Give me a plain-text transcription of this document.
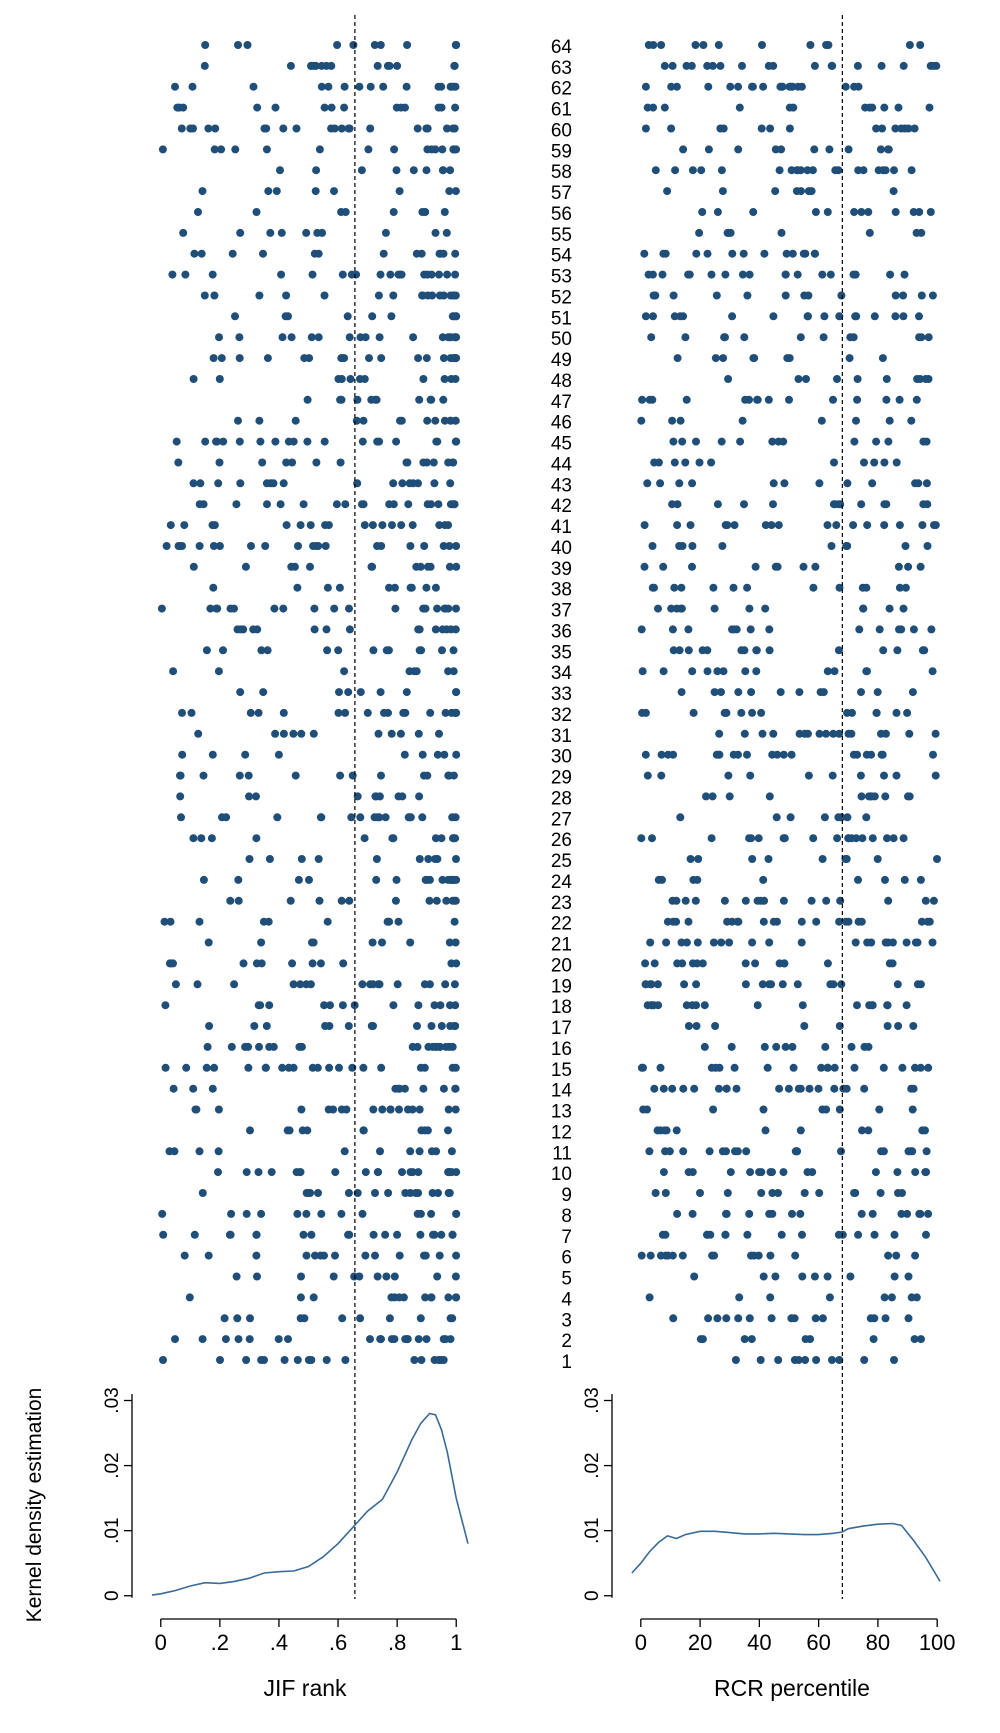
1
2
3
4
5
6
7
8
9
10
11
12
13
14
15
16
17
18
19
20
21
22
23
24
25
26
27
28
29
30
31
32
33
34
35
36
37
38
39
40
41
42
43
44
45
46
47
48
49
50
51
52
53
54
55
56
57
58
59
60
61
62
63
64
0
.01
.02
.03
0 .2 .4 .6 .8 1
0
.01
.02
.03
0 20 40 60 80 100
Kernel density estimation
JIF rank	RCR percentile
